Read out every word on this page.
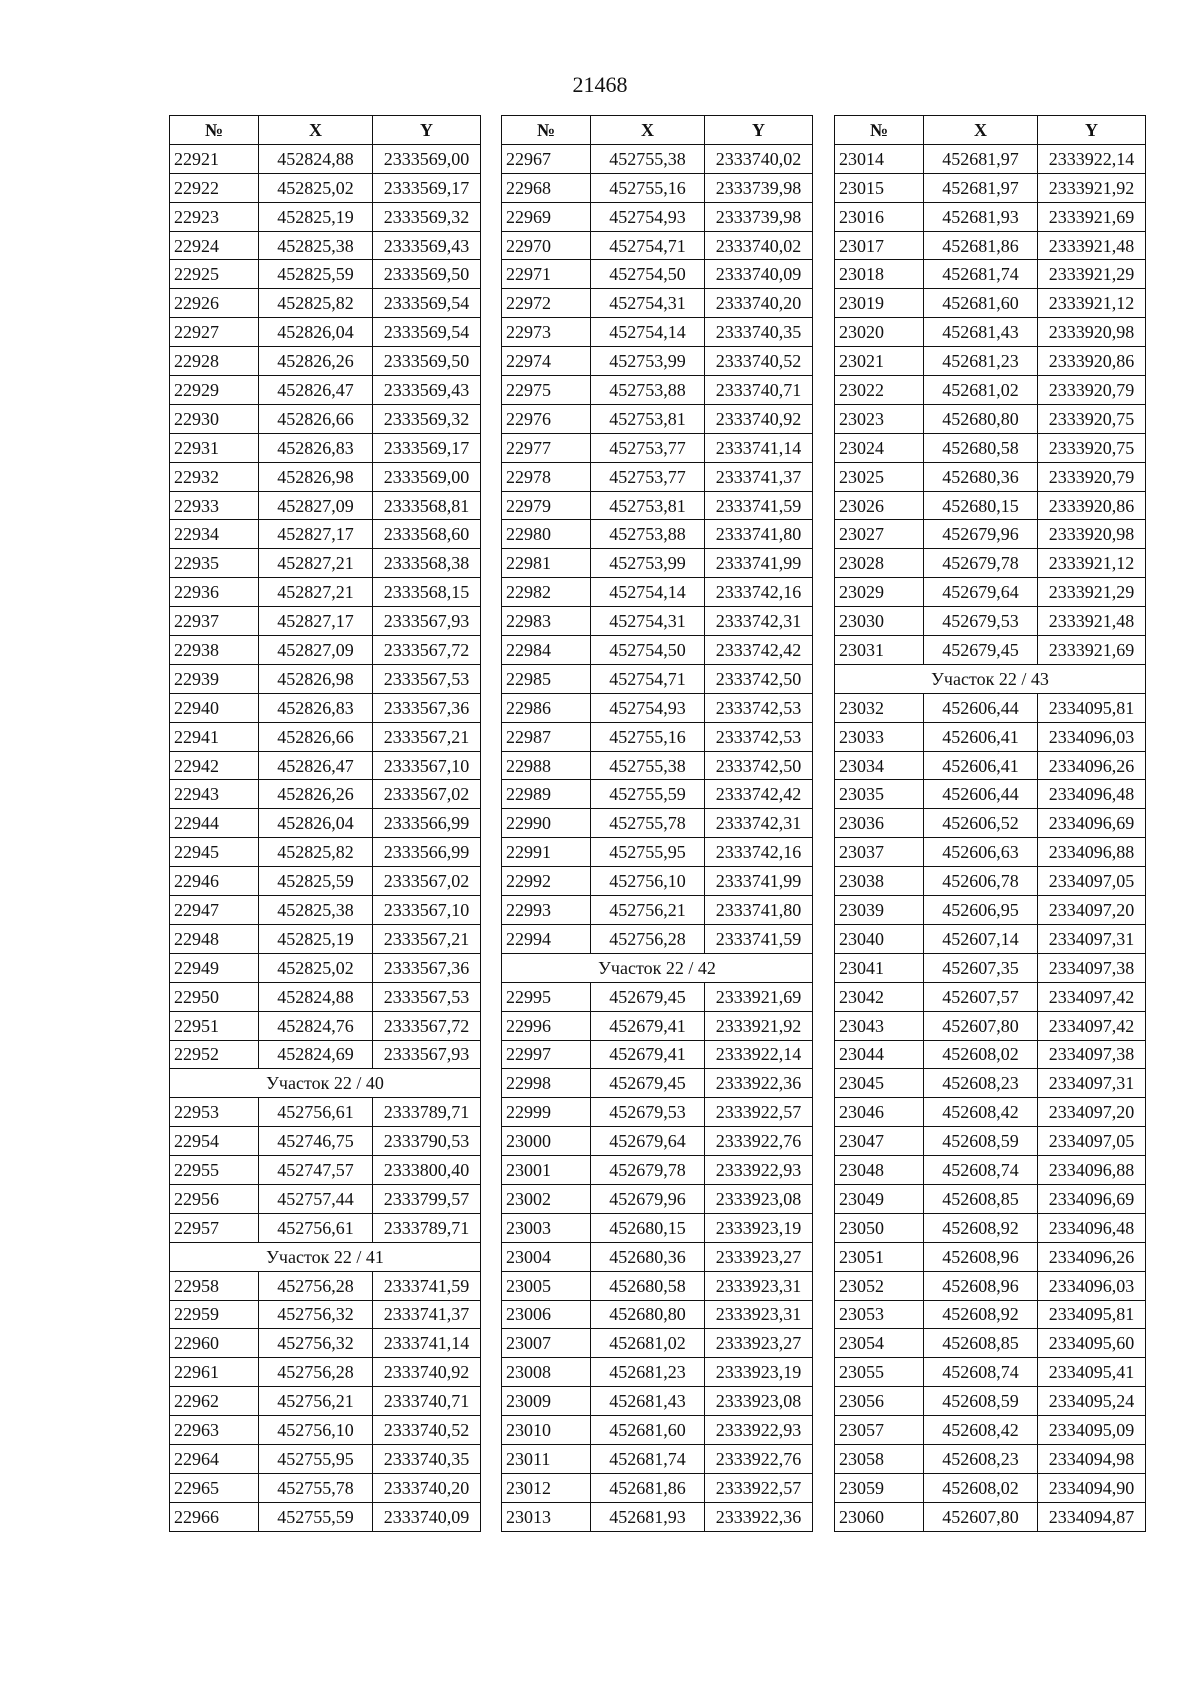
21468
№	X	Y
22921	452824,88	2333569,00
22922	452825,02	2333569,17
22923	452825,19	2333569,32
22924	452825,38	2333569,43
22925	452825,59	2333569,50
22926	452825,82	2333569,54
22927	452826,04	2333569,54
22928	452826,26	2333569,50
22929	452826,47	2333569,43
22930	452826,66	2333569,32
22931	452826,83	2333569,17
22932	452826,98	2333569,00
22933	452827,09	2333568,81
22934	452827,17	2333568,60
22935	452827,21	2333568,38
22936	452827,21	2333568,15
22937	452827,17	2333567,93
22938	452827,09	2333567,72
22939	452826,98	2333567,53
22940	452826,83	2333567,36
22941	452826,66	2333567,21
22942	452826,47	2333567,10
22943	452826,26	2333567,02
22944	452826,04	2333566,99
22945	452825,82	2333566,99
22946	452825,59	2333567,02
22947	452825,38	2333567,10
22948	452825,19	2333567,21
22949	452825,02	2333567,36
22950	452824,88	2333567,53
22951	452824,76	2333567,72
22952	452824,69	2333567,93
Участок 22 / 40		
22953	452756,61	2333789,71
22954	452746,75	2333790,53
22955	452747,57	2333800,40
22956	452757,44	2333799,57
22957	452756,61	2333789,71
Участок 22 / 41		
22958	452756,28	2333741,59
22959	452756,32	2333741,37
22960	452756,32	2333741,14
22961	452756,28	2333740,92
22962	452756,21	2333740,71
22963	452756,10	2333740,52
22964	452755,95	2333740,35
22965	452755,78	2333740,20
22966	452755,59	2333740,09
№	X	Y
22967	452755,38	2333740,02
22968	452755,16	2333739,98
22969	452754,93	2333739,98
22970	452754,71	2333740,02
22971	452754,50	2333740,09
22972	452754,31	2333740,20
22973	452754,14	2333740,35
22974	452753,99	2333740,52
22975	452753,88	2333740,71
22976	452753,81	2333740,92
22977	452753,77	2333741,14
22978	452753,77	2333741,37
22979	452753,81	2333741,59
22980	452753,88	2333741,80
22981	452753,99	2333741,99
22982	452754,14	2333742,16
22983	452754,31	2333742,31
22984	452754,50	2333742,42
22985	452754,71	2333742,50
22986	452754,93	2333742,53
22987	452755,16	2333742,53
22988	452755,38	2333742,50
22989	452755,59	2333742,42
22990	452755,78	2333742,31
22991	452755,95	2333742,16
22992	452756,10	2333741,99
22993	452756,21	2333741,80
22994	452756,28	2333741,59
Участок 22 / 42		
22995	452679,45	2333921,69
22996	452679,41	2333921,92
22997	452679,41	2333922,14
22998	452679,45	2333922,36
22999	452679,53	2333922,57
23000	452679,64	2333922,76
23001	452679,78	2333922,93
23002	452679,96	2333923,08
23003	452680,15	2333923,19
23004	452680,36	2333923,27
23005	452680,58	2333923,31
23006	452680,80	2333923,31
23007	452681,02	2333923,27
23008	452681,23	2333923,19
23009	452681,43	2333923,08
23010	452681,60	2333922,93
23011	452681,74	2333922,76
23012	452681,86	2333922,57
23013	452681,93	2333922,36
№	X	Y
23014	452681,97	2333922,14
23015	452681,97	2333921,92
23016	452681,93	2333921,69
23017	452681,86	2333921,48
23018	452681,74	2333921,29
23019	452681,60	2333921,12
23020	452681,43	2333920,98
23021	452681,23	2333920,86
23022	452681,02	2333920,79
23023	452680,80	2333920,75
23024	452680,58	2333920,75
23025	452680,36	2333920,79
23026	452680,15	2333920,86
23027	452679,96	2333920,98
23028	452679,78	2333921,12
23029	452679,64	2333921,29
23030	452679,53	2333921,48
23031	452679,45	2333921,69
Участок 22 / 43		
23032	452606,44	2334095,81
23033	452606,41	2334096,03
23034	452606,41	2334096,26
23035	452606,44	2334096,48
23036	452606,52	2334096,69
23037	452606,63	2334096,88
23038	452606,78	2334097,05
23039	452606,95	2334097,20
23040	452607,14	2334097,31
23041	452607,35	2334097,38
23042	452607,57	2334097,42
23043	452607,80	2334097,42
23044	452608,02	2334097,38
23045	452608,23	2334097,31
23046	452608,42	2334097,20
23047	452608,59	2334097,05
23048	452608,74	2334096,88
23049	452608,85	2334096,69
23050	452608,92	2334096,48
23051	452608,96	2334096,26
23052	452608,96	2334096,03
23053	452608,92	2334095,81
23054	452608,85	2334095,60
23055	452608,74	2334095,41
23056	452608,59	2334095,24
23057	452608,42	2334095,09
23058	452608,23	2334094,98
23059	452608,02	2334094,90
23060	452607,80	2334094,87
